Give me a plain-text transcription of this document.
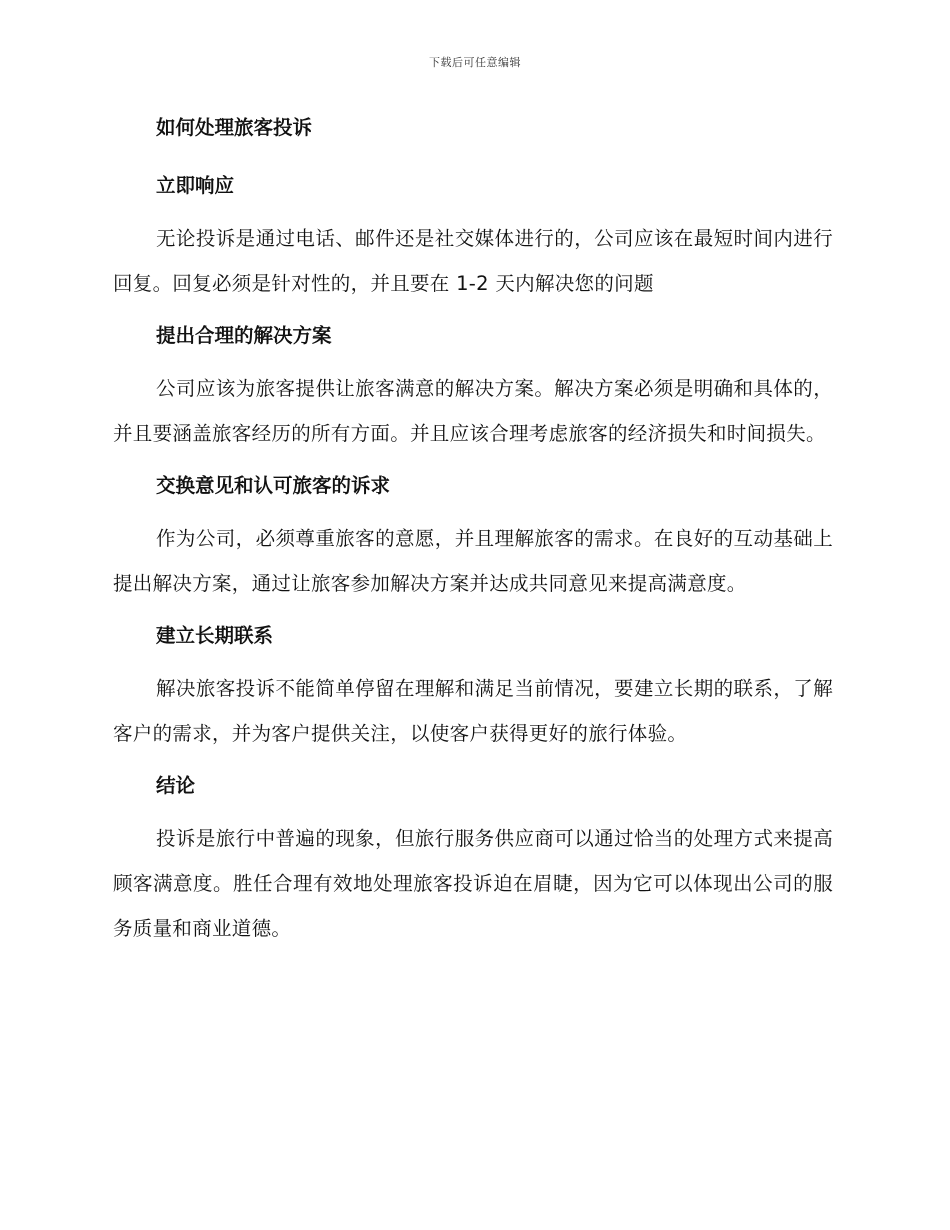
下载后可任意编辑
如何处理旅客投诉
立即响应

无论投诉是通过电话、邮件还是社交媒体进行的，公司应该在最短时间内进行回复。回复必须是针对性的，并且要在 1-2 天内解决您的问题

提出合理的解决方案

公司应该为旅客提供让旅客满意的解决方案。解决方案必须是明确和具体的，并且要涵盖旅客经历的所有方面。并且应该合理考虑旅客的经济损失和时间损失。

交换意见和认可旅客的诉求

作为公司，必须尊重旅客的意愿，并且理解旅客的需求。在良好的互动基础上提出解决方案，通过让旅客参加解决方案并达成共同意见来提高满意度。

建立长期联系

解决旅客投诉不能简单停留在理解和满足当前情况，要建立长期的联系，了解客户的需求，并为客户提供关注，以使客户获得更好的旅行体验。

结论

投诉是旅行中普遍的现象，但旅行服务供应商可以通过恰当的处理方式来提高顾客满意度。胜任合理有效地处理旅客投诉迫在眉睫，因为它可以体现出公司的服务质量和商业道德。
